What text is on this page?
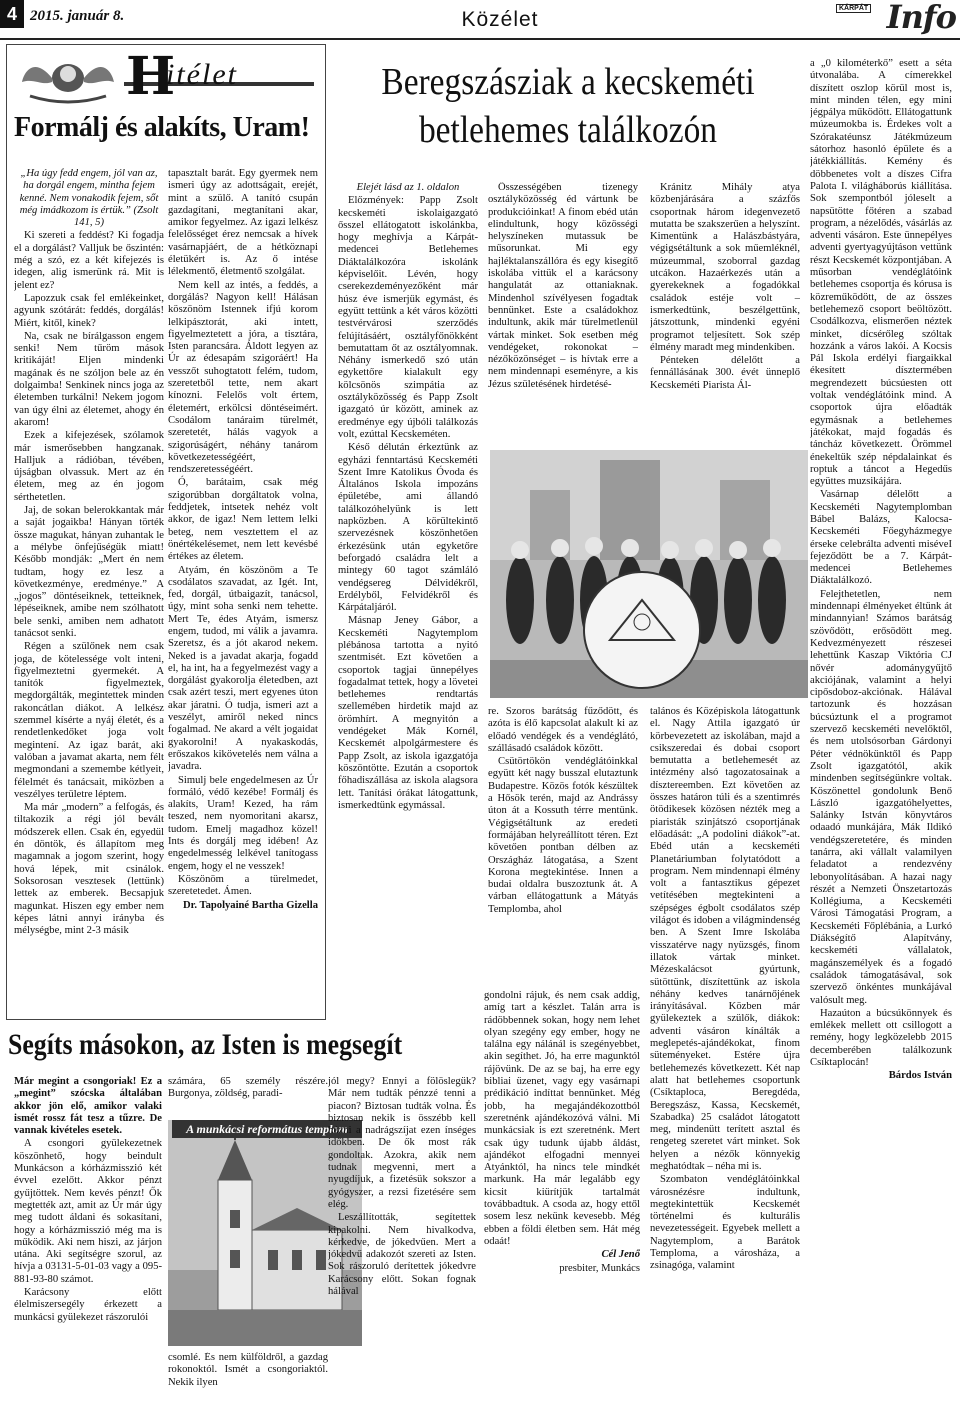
4 2015. január 8.	Közélet	KÁRPÁT Info
H
itélet
Formálj és alakíts, Uram!

„Ha úgy fedd engem, jól van az, ha dorgál engem, mintha fejem kenné. Nem vonakodik fejem, sőt még imádkozom is értük.” (Zsolt 141, 5)

Ki szereti a feddést? Ki fogadja el a dorgálást? Valljuk be őszintén: még a szó, ez a két kifejezés is idegen, alig ismerünk rá. Mit is jelent ez?

Lapozzuk csak fel emlékeinket, agyunk szótárát: feddés, dorgálás! Miért, kitől, kinek?

Na, csak ne bírálgasson engem senki! Nem tűröm mások kritikáját! Eljen mindenki magának és ne szóljon bele az én dolgaimba! Senkinek nincs joga az életemben turkálni! Nekem jogom van úgy élni az életemet, ahogy én akarom!

Ezek a kifejezések, szólamok már ismerősebben hangzanak. Halljuk a rádióban, tévében, újságban olvassuk. Mert az én életem, meg az én jogom sérthetetlen.

Jaj, de sokan belerokkantak már a saját jogaikba! Hányan törték össze magukat, hányan zuhantak le a mélybe önfejűségük miatt! Később mondják: „Mert én nem tudtam, hogy ez lesz a következménye, eredménye.” A „jogos” döntéseiknek, tetteiknek, lépéseiknek, amibe nem szólhatott bele senki, amiben nem adhatott tanácsot senki.

Régen a szülőnek nem csak joga, de kötelessége volt inteni, figyelmeztetni gyermekét. A tanítók figyelmeztek, megdorgálták, megintettek minden rakoncátlan diákot. A lelkész szemmel kísérte a nyáj életét, és a rendetlenkedőket joga volt megintení. Az igaz barát, aki valóban a javamat akarta, nem félt megmondani a szemembe kétlyeit, félelmét és tanácsait, miközben a veszélyes területre léptem.

Ma már „modern” a felfogás, és tiltakozik a régi jól bevált módszerek ellen. Csak én, egyedül én döntök, és állapítom meg magamnak a jogom szerint, hogy hová lépek, mit csinálok. Soksorosan vesztesek (lettünk) lettek az emberek. Becsapjuk magunkat. Hiszen egy ember nem képes látni annyi irányba és mélységbe, mint 2-3 másik

tapasztalt barát. Egy gyermek nem ismeri úgy az adottságait, erejét, mint a szülő. A tanító csupán gazdagítani, megtanítani akar, amikor fegyelmez. Az igazi lelkész felelősséget érez nemcsak a hívek vasárnapjáért, de a hétköznapi életükért is. Az ő intése lélekmentő, életmentő szolgálat.

Nem kell az intés, a feddés, a dorgálás? Nagyon kell! Hálásan köszönöm Istennek ifjú korom lelkipásztorát, aki intett, figyelmeztetett a jóra, a tisztára, Isten parancsára. Áldott legyen az Úr az édesapám szigoráért! Ha vesszőt suhogtatott felém, tudom, szeretetből tette, nem akart kínozni. Felelős volt értem, életemért, erkölcsi döntéseimért. Csodálom tanáraim türelmét, szeretetét, hálás vagyok a szigorúságért, néhány tanárom következetességéért, rendszeretességéért.

Ó, barátaim, csak még szigorúbban dorgáltatok volna, feddjetek, intsetek nehéz volt akkor, de igaz! Nem lettem lelki beteg, nem vesztettem el az önértékelésemet, nem lett kevésbé értékes az életem.

Atyám, én köszönöm a Te csodálatos szavadat, az Igét. Int, fed, dorgál, útbaigazít, tanácsol, úgy, mint soha senki nem tehette. Mert Te, édes Atyám, ismersz engem, tudod, mi válik a javamra. Szeretsz, és a jót akarod nekem. Neked is a javadat akarja, fogadd el, ha int, ha a fegyelmezést vagy a dorgálást gyakorolja életedben, azt csak azért teszi, mert egyenes úton akar járatni. Ó tudja, ismeri azt a veszélyt, amiről neked nincs fogalmad. Ne akard a vélt jogaidat gyakorolni! A nyakaskodás, erőszakos kikövetelés nem válna a javadra.

Simulj bele engedelmesen az Úr formáló, védő kezébe! Formálj és alakíts, Uram! Kezed, ha rám teszed, nem nyomoritani akarsz, tudom. Emelj magadhoz közel! Ints és dorgálj meg idében! Az engedelmesség lelkével tanítogass engem, hogy el ne vesszek!

Köszönöm a türelmedet, szeretetedet. Ámen.

Dr. Tapolyainé Bartha Gizella

Beregszásziak a kecskeméti
betlehemes találkozón

Elejét lásd az 1. oldalon

Előzmények: Papp Zsolt kecskeméti iskolaigazgató ősszel ellátogatott iskolánkba, hogy meghívja a Kárpát-medencei Betlehemes Diáktalálkozóra iskolánk képviselőit. Lévén, hogy cserekezdeményezőként már húsz éve ismerjük egymást, és együtt tettünk a két város közötti testvérvárosi szerződés felújításáért, osztályfőnökként bemutattam őt az osztályomnak. Néhány ismerkedő szó után egykettőre kialakult egy kölcsönös szimpátia az osztályközösség és Papp Zsolt igazgató úr között, aminek az eredménye egy újbóli találkozás volt, ezúttal Kecskeméten.

Késő délután érkeztünk az egyházi fenntartású Kecskeméti Szent Imre Katolikus Óvoda és Általános Iskola impozáns épületébe, ami állandó találkozóhelyünk is lett napközben. A körültekintő szervezésnek köszönhetően érkezésünk után egyketőre beforgadó családra lelt a mintegy 60 tagot számláló vendégsereg Délvidékről, Erdélyből, Felvidékről és Kárpátaljáról.

Másnap Jeney Gábor, a Kecskeméti Nagytemplom plébánosa tartotta a nyitó szentmisét. Ezt követően a csoportok tagjai ünnepélyes fogadalmat tettek, hogy a lövetei betlehemes rendtartás szellemében hirdetik majd az örömhírt. A megnyitón a vendégeket Mák Kornél, Kecskemét alpolgármestere és Papp Zsolt, az iskola igazgatója köszöntötte. Ezután a csoportok főhadiszállása az iskola alagsora lett. Tanítási órákat látogattunk, ismerkedtünk egymással.

Összességében tizenegy osztályközösség éd vártunk be produkcióinkat! A finom ebéd után elindultunk, hogy közösségi helyszíneken mutassuk be műsorunkat. Mi egy hajléktalanszállóra és egy kisegítő iskolába vittük el a karácsony hangulatát az ottaniaknak. Mindenhol szívélyesen fogadtak bennünket. Este a családokhoz indultunk, akik már türelmetlenül vártak minket. Sok esetben még vendégeket, rokonokat – nézőközönséget – is hívtak erre a nem mindennapi eseményre, a kis Jézus születésének hirdetésé-

Kránitz Mihály atya közbenjárására a százfős csoportnak három idegenvezető mutatta be szakszerűen a helyszínt. Kimentünk a Halászbástyára, végigsétáltunk a sok műemléknél, múzeummal, szoborral gazdag utcákon. Hazaérkezés után a gyerekeknek a fogadókkal családok estéje volt – ismerkedtünk, beszélgettünk, játszottunk, mindenki egyéni programot teljesített. Sok szép élmény maradt meg mindenkiben.

Pénteken délelőtt a fennállásának 300. évét ünneplő Kecskeméti Piarista Ál-

re. Szoros barátság fűződött, és azóta is élő kapcsolat alakult ki az előadó vendégek és a vendéglátó, szállásadó családok között.

Csütörtökön vendéglátóinkkal együtt két nagy busszal elutaztunk Budapestre. Közös fotók készültek a Hősök terén, majd az Andrássy úton át a Kossuth térre mentünk. Végigsétáltunk az eredeti formájában helyreállított téren. Ezt követően pontban délben az Országház látogatása, a Szent Korona megtekintése. Innen a budai oldalra buszoztunk át. A várban ellátogattunk a Mátyás Templomba, ahol

talános és Középiskola látogattunk el. Nagy Attila igazgató úr körbevezetett az iskolában, majd a csikszeredai és dobai csoport bemutatta a betlehemesét az intézmény alsó tagozatosainak a dísztereemben. Ezt követően az összes határon túli és a szentimrés ötödikesek közösen nézték meg a piaristák szinjátszó csoportjának előadását: „A podolini diákok”-at. Ebéd után a kecskeméti Planetáriumban folytatódott a program. Nem mindennapi élmény volt a fantasztikus gépezet vetítésében megtekinteni a szépséges égbolt csodálatos szép világot és idoben a világmindenség ben. A Szent Imre Iskolába visszatérve nagy nyüzsgés, finom illatok vártak minket. Mézeskalácsot gyúrtunk, sütöttünk, díszítettünk az iskola néhány kedves tanárnőjének irányításával. Közben már gyülekeztek a szülők, diákok: adventi vásáron kínálták a meglepetés-ajándékokat, finom süteményeket. Estére újra betlehemezés következett. Két nap alatt hat betlehemes csoportunk (Csíktaploca, Beregdéda, Beregszász, Kassa, Kecskemét, Szabadka) 25 családot látogatott meg, mindenütt terített asztal és rengeteg szeretet várt minket. Sok helyen a nézők könnyekig meghatódtak – néha mi is.

Szombaton vendéglátóinkkal városnézésre indultunk, megtekintettük Kecskemét történelmi és kulturális nevezetességeit. Egyebek mellett a Nagytemplom, a Barátok Temploma, a városháza, a zsinagóga, valamint

a „0 kilométerkő” esett a séta útvonalába. A címerekkel díszített oszlop körül most is, mint minden télen, egy mini jégpálya működött. Ellátogattunk múzeumokba is. Érdekes volt a Szórakatéunsz Játékmúzeum sátorhoz hasonló épülete és a játékkiállítás. Kemény és döbbenetes volt a díszes Cifra Palota I. világháborús kiállítása. Sok szempontból jóleselt a napsütötte főtéren a szabad program, a nézelődés, vásárlás az adventi vásáron. Este ünnepélyes adventi gyertyagyújtáson vettünk részt Kecskemét központjában. A műsorban vendéglátóink betlehemes csoportja és kórusa is közreműködött, de az összes betlehemező csoport beöltözött. Csodálkozva, elismerően néztek minket, dícsérőleg szóltak hozzánk a város lakói. A Kocsis Pál Iskola erdélyi fiargaikkal ékesített dísztermében megrendezett búcsúesten ott voltak vendéglátóink mind. A csoportok újra előadták egymásnak a betlehemes játékokat, majd fogadás és táncház következett. Örömmel énekeltük szép népdalainkat és roptuk a táncot a Hegedűs együttes muzsikájára.

Vasárnap délelőtt a Kecskeméti Nagytemplomban Bábel Balázs, Kalocsa-Kecskeméti Főegyházmegye érseke celebrálta adventi miséveI fejeződött be a 7. Kárpát-medencei Betlehemes Diáktalálkozó.

Felejthetetlen, nem mindennapi élményeket éltünk át mindannyian! Számos barátság szövődött, erősödött meg. Kedvezményezett részesei lehettünk Kaszap Viktória CJ nővér adománygyűjtő akciójának, valamint a helyi cipősdoboz-akciónak. Hálával tartozunk és hozzásan búcsúztunk el a programot szervező kecskeméti nevelőktől, és nem utolsósorban Gárdonyi Péter védnökünktől és Papp Zsolt igazgatótól, akik mindenben segítségünkre voltak. Köszönettel gondolunk Benő László igazgatóhelyettes, Salánky István könyvtáros odaadó munkájára, Mák Ildikó vendégszeretetére, és minden tanárra, aki vállalt valamilyen feladatot a rendezvény lebonyolításában. A hazai nagy részét a Nemzeti Önszetartozás Kollégiuma, a Kecskeméti Városi Támogatási Program, a Kecskeméti Főplébánia, a Lurkó Diákségítő Alapítvány, kecskeméti vállalatok, magánszemélyek és a fogadó családok támogatásával, sok szervező önkéntes munkájával valósult meg.

Hazaúton a búcsúkönnyek és emlékek mellett ott csillogott a remény, hogy legközelebb 2015 decemberében találkozunk Csíktaplocán!

Bárdos István

Segíts másokon, az Isten is megsegít

Már megint a csongoriak! Ez a „megint” szócska általában akkor jön elő, amikor valaki ismét rossz fát tesz a tűzre. De vannak kivételes esetek.

A csongori gyülekezetnek köszönhető, hogy beindult Munkácson a kórházmisszió két évvel ezelőtt. Akkor pénzt gyűjtöttek. Nem kevés pénzt! Ők megtették azt, amit az Úr már úgy meg tudott áldani és sokasítani, hogy a kórházmisszió még ma is működik. Aki nem hiszi, az járjon utána. Aki segítségre szorul, az hívja a 03131-5-01-03 vagy a 095-881-93-80 számot.

Karácsony előtt élelmiszersegély érkezett a munkácsi gyülekezet rászorulói

számára, 65 személy részére. Burgonya, zöldség, paradi-

A munkácsi református templom

csomlé. És nem külföldről, a gazdag rokonoktól. Ismét a csongoriaktól. Nekik ilyen

jól megy? Ennyi a fölöslegük? Már nem tudták pénzzé tenni a piacon? Biztosan tudták volna. És biztosan nekik is összébb kell húzni a nadrágszíjat ezen ínséges időkben. De ők most rák gondoltak. Azokra, akik nem tudnak megvenni, mert a nyugdíjuk, a fizetésük sokszor a gyógyszer, a rezsi fizetésére sem elég.

Leszállították, segítettek kipakolni. Nem hivalkodva, kérkedve, de jókedvűen. Mert a jókedvű adakozót szereti az Isten. Sok rászoruló derítettek jókedvre Karácsony előtt. Sokan fognak hálával

gondolni rájuk, és nem csak addig, amíg tart a készlet. Talán arra is rádöbbennek sokan, hogy nem lehet olyan szegény egy ember, hogy ne találna egy nálánál is szegényebbet, akin segíthet. Jó, ha erre magunktól rájövünk. De az se baj, ha erre egy bibliai üzenet, vagy egy vasárnapi prédikáció indíttat bennünket. Még jobb, ha megajándékozottból szeretnénk ajándékozóvá válni. Mi munkácsiak is ezt szeretnénk. Mert csak úgy tudunk újabb áldást, ajándékot elfogadni mennyei Atyánktól, ha nincs tele mindkét markunk. Ha már legalább egy kicsit kiürítjük tartalmát továbbadtuk. A csoda az, hogy ettől sosem lesz nekünk kevesebb. Még ebben a földi életben sem. Hát még odaát!

Cél Jenő

presbiter, Munkács
